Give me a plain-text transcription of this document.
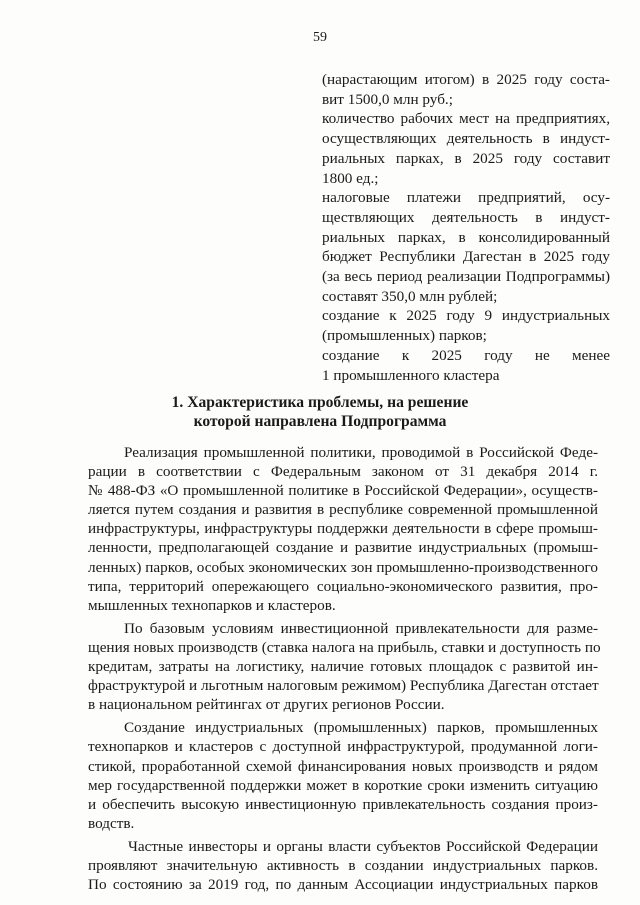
59
(нарастающим итогом) в 2025 году соста-
вит 1500,0 млн руб.;
количество рабочих мест на предприятиях,
осуществляющих деятельность в индуст-
риальных парках, в 2025 году составит
1800 ед.;
налоговые платежи предприятий, осу-
ществляющих деятельность в индуст-
риальных парках, в консолидированный
бюджет Республики Дагестан в 2025 году
(за весь период реализации Подпрограммы)
составят 350,0 млн рублей;
создание к 2025 году 9 индустриальных
(промышленных) парков;
создание к 2025 году не менее
1 промышленного кластера
1. Характеристика проблемы, на решение
которой направлена Подпрограмма

Реализация промышленной политики, проводимой в Российской Феде-
рации в соответствии с Федеральным законом от 31 декабря 2014 г.
№ 488-ФЗ «О промышленной политике в Российской Федерации», осуществ-
ляется путем создания и развития в республике современной промышленной
инфраструктуры, инфраструктуры поддержки деятельности в сфере промыш-
ленности, предполагающей создание и развитие индустриальных (промыш-
ленных) парков, особых экономических зон промышленно-производственного
типа, территорий опережающего социально-экономического развития, про-
мышленных технопарков и кластеров.

По базовым условиям инвестиционной привлекательности для разме-
щения новых производств (ставка налога на прибыль, ставки и доступность по
кредитам, затраты на логистику, наличие готовых площадок с развитой ин-
фраструктурой и льготным налоговым режимом) Республика Дагестан отстает
в национальном рейтингах от других регионов России.

Создание индустриальных (промышленных) парков, промышленных
технопарков и кластеров с доступной инфраструктурой, продуманной логи-
стикой, проработанной схемой финансирования новых производств и рядом
мер государственной поддержки может в короткие сроки изменить ситуацию
и обеспечить высокую инвестиционную привлекательность создания произ-
водств.

Частные инвесторы и органы власти субъектов Российской Федерации
проявляют значительную активность в создании индустриальных парков.
По состоянию за 2019 год, по данным Ассоциации индустриальных парков
